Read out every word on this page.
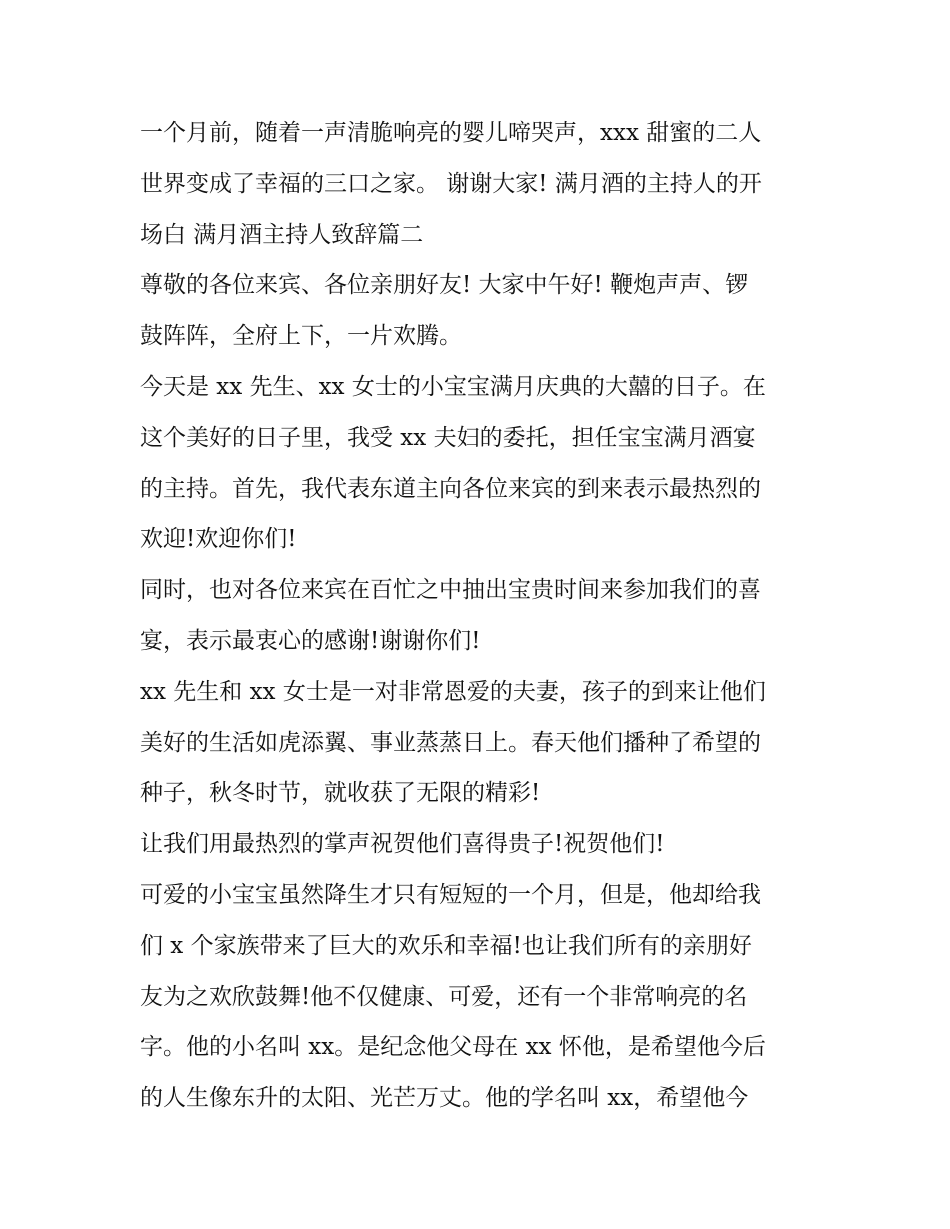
一个月前，随着一声清脆响亮的婴儿啼哭声，xxx 甜蜜的二人
世界变成了幸福的三口之家。 谢谢大家! 满月酒的主持人的开
场白 满月酒主持人致辞篇二
尊敬的各位来宾、各位亲朋好友! 大家中午好! 鞭炮声声、锣
鼓阵阵，全府上下，一片欢腾。
今天是 xx 先生、xx 女士的小宝宝满月庆典的大囍的日子。在
这个美好的日子里，我受 xx 夫妇的委托，担任宝宝满月酒宴
的主持。首先，我代表东道主向各位来宾的到来表示最热烈的
欢迎!欢迎你们!
同时，也对各位来宾在百忙之中抽出宝贵时间来参加我们的喜
宴，表示最衷心的感谢!谢谢你们!
xx 先生和 xx 女士是一对非常恩爱的夫妻，孩子的到来让他们
美好的生活如虎添翼、事业蒸蒸日上。春天他们播种了希望的
种子，秋冬时节，就收获了无限的精彩!
让我们用最热烈的掌声祝贺他们喜得贵子!祝贺他们!
可爱的小宝宝虽然降生才只有短短的一个月，但是，他却给我
们 x 个家族带来了巨大的欢乐和幸福!也让我们所有的亲朋好
友为之欢欣鼓舞!他不仅健康、可爱，还有一个非常响亮的名
字。他的小名叫 xx。是纪念他父母在 xx 怀他，是希望他今后
的人生像东升的太阳、光芒万丈。他的学名叫 xx，希望他今
